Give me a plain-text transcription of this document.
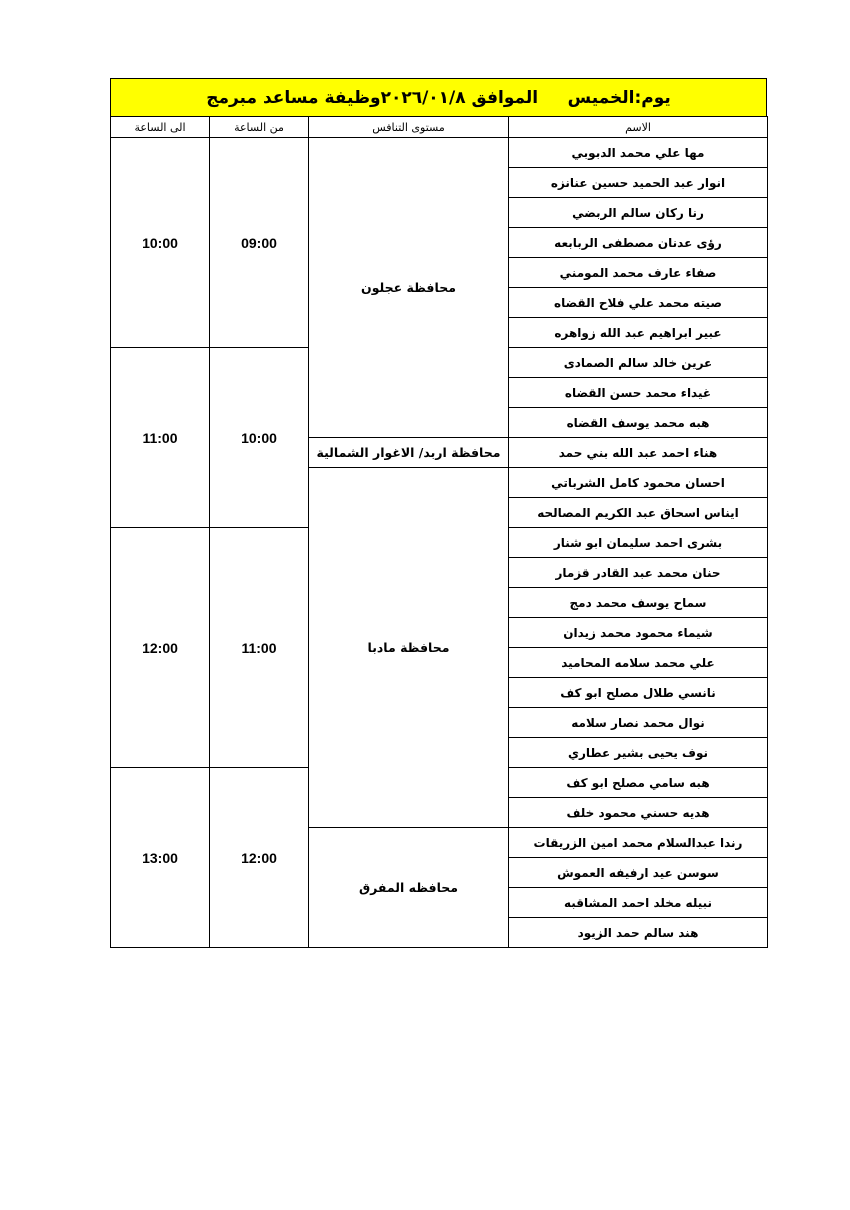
يوم:الخميس     الموافق ٢٠٢٦/٠١/٨وظيفة مساعد مبرمج
الاسم	مستوى التنافس	من الساعة	الى الساعة
مها علي محمد الدبوبي	محافظة عجلون	09:00	10:00
انوار عبد الحميد حسين عنانزه			
رنا ركان سالم الربضي			
رؤى عدنان مصطفى الربابعه			
صفاء عارف محمد المومني			
صيته محمد علي فلاح القضاه			
عبير ابراهيم عبد الله زواهره			
عرين خالد سالم الصمادى		10:00	11:00
غيداء محمد حسن القضاه			
هبه محمد يوسف القضاه			
هناء احمد عبد الله بني حمد	محافظة اربد/ الاغوار الشمالية		
احسان محمود كامل الشرباتي	محافظة مادبا		
ايناس اسحاق عبد الكريم المصالحه			
بشرى احمد سليمان ابو شنار		11:00	12:00
حنان محمد عبد القادر قزمار			
سماح يوسف محمد دمج			
شيماء محمود محمد زيدان			
علي محمد سلامه المحاميد			
نانسي طلال مصلح ابو كف			
نوال محمد نصار سلامه			
نوف يحيى بشير عطاري			
هبه سامي مصلح ابو كف		12:00	13:00
هديه حسني محمود خلف			
رندا عبدالسلام محمد امين الزريقات	محافظه المفرق		
سوسن عيد ارفيفه العموش			
نبيله مخلد احمد المشاقبه			
هند سالم حمد الزيود			
